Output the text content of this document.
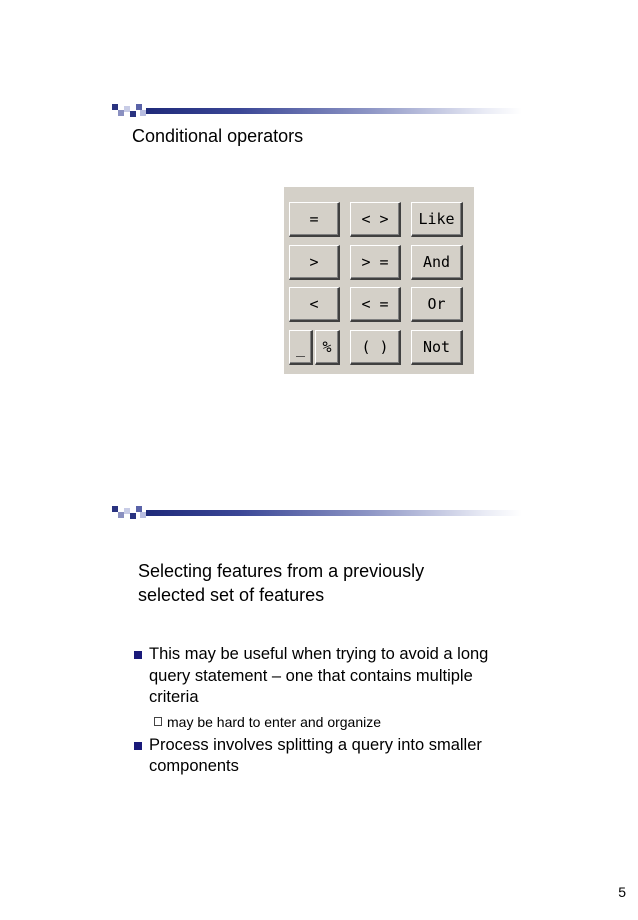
Conditional operators
=	< >	Like
>	> =	And
<	< =	Or
_	%	( )	Not
Selecting features from a previously
selected set of features
This may be useful when trying to avoid a long query statement – one that contains multiple criteria
may be hard to enter and organize
Process involves splitting a query into smaller components
5
